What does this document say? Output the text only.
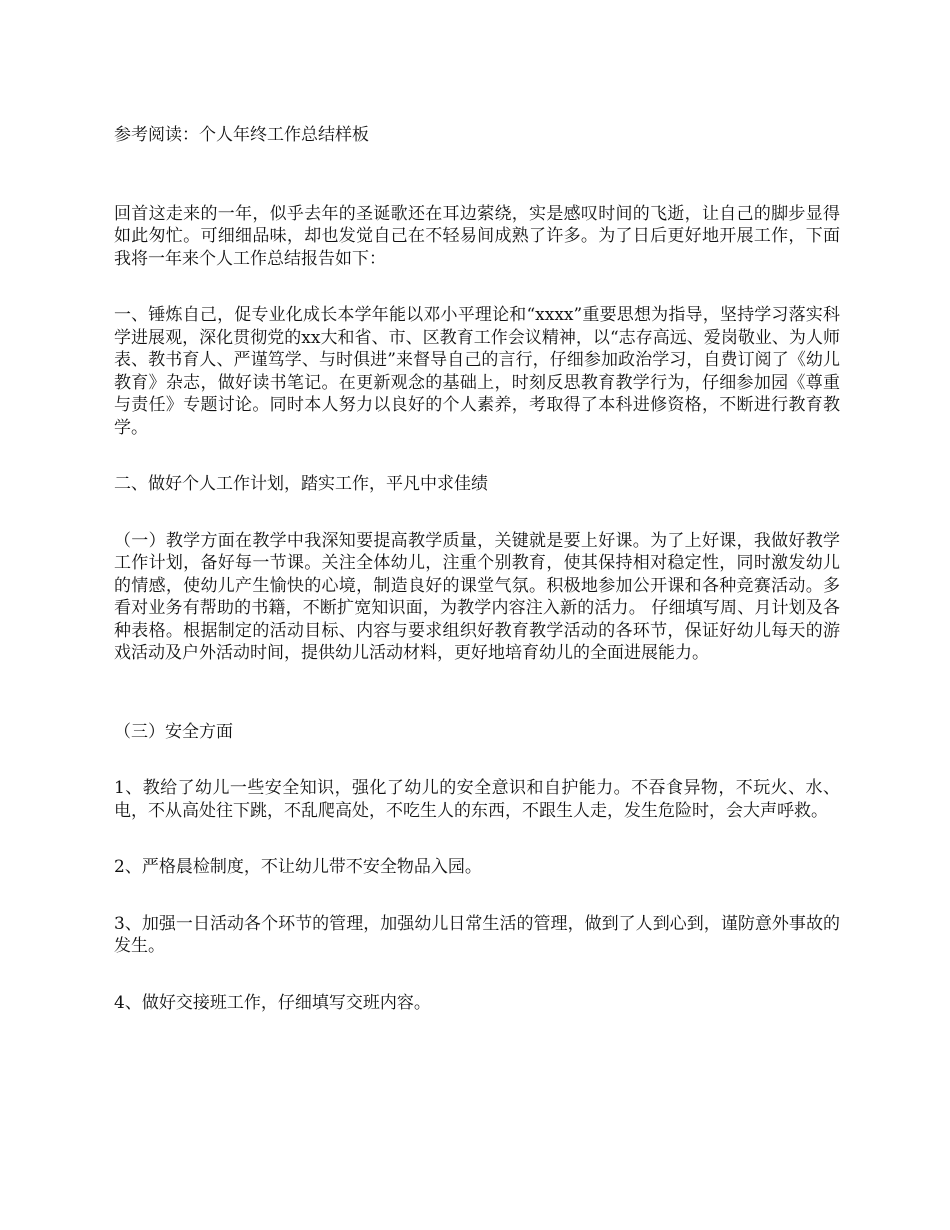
参考阅读：个人年终工作总结样板

回首这走来的一年，似乎去年的圣诞歌还在耳边萦绕，实是感叹时间的飞逝，让自己的脚步显得如此匆忙。可细细品味，却也发觉自己在不轻易间成熟了许多。为了日后更好地开展工作，下面我将一年来个人工作总结报告如下：

一、锤炼自己，促专业化成长本学年能以邓小平理论和“xxxx”重要思想为指导，坚持学习落实科学进展观，深化贯彻党的xx大和省、市、区教育工作会议精神，以“志存高远、爱岗敬业、为人师表、教书育人、严谨笃学、与时俱进”来督导自己的言行，仔细参加政治学习，自费订阅了《幼儿教育》杂志，做好读书笔记。在更新观念的基础上，时刻反思教育教学行为，仔细参加园《尊重与责任》专题讨论。同时本人努力以良好的个人素养，考取得了本科进修资格，不断进行教育教学。

二、做好个人工作计划，踏实工作，平凡中求佳绩

（一）教学方面在教学中我深知要提高教学质量，关键就是要上好课。为了上好课，我做好教学工作计划，备好每一节课。关注全体幼儿，注重个别教育，使其保持相对稳定性，同时激发幼儿的情感，使幼儿产生愉快的心境，制造良好的课堂气氛。积极地参加公开课和各种竞赛活动。多看对业务有帮助的书籍，不断扩宽知识面，为教学内容注入新的活力。 仔细填写周、月计划及各种表格。根据制定的活动目标、内容与要求组织好教育教学活动的各环节，保证好幼儿每天的游戏活动及户外活动时间，提供幼儿活动材料，更好地培育幼儿的全面进展能力。

（三）安全方面

1、教给了幼儿一些安全知识，强化了幼儿的安全意识和自护能力。不吞食异物，不玩火、水、电，不从高处往下跳，不乱爬高处，不吃生人的东西，不跟生人走，发生危险时，会大声呼救。

2、严格晨检制度，不让幼儿带不安全物品入园。

3、加强一日活动各个环节的管理，加强幼儿日常生活的管理，做到了人到心到，谨防意外事故的发生。

4、做好交接班工作，仔细填写交班内容。
